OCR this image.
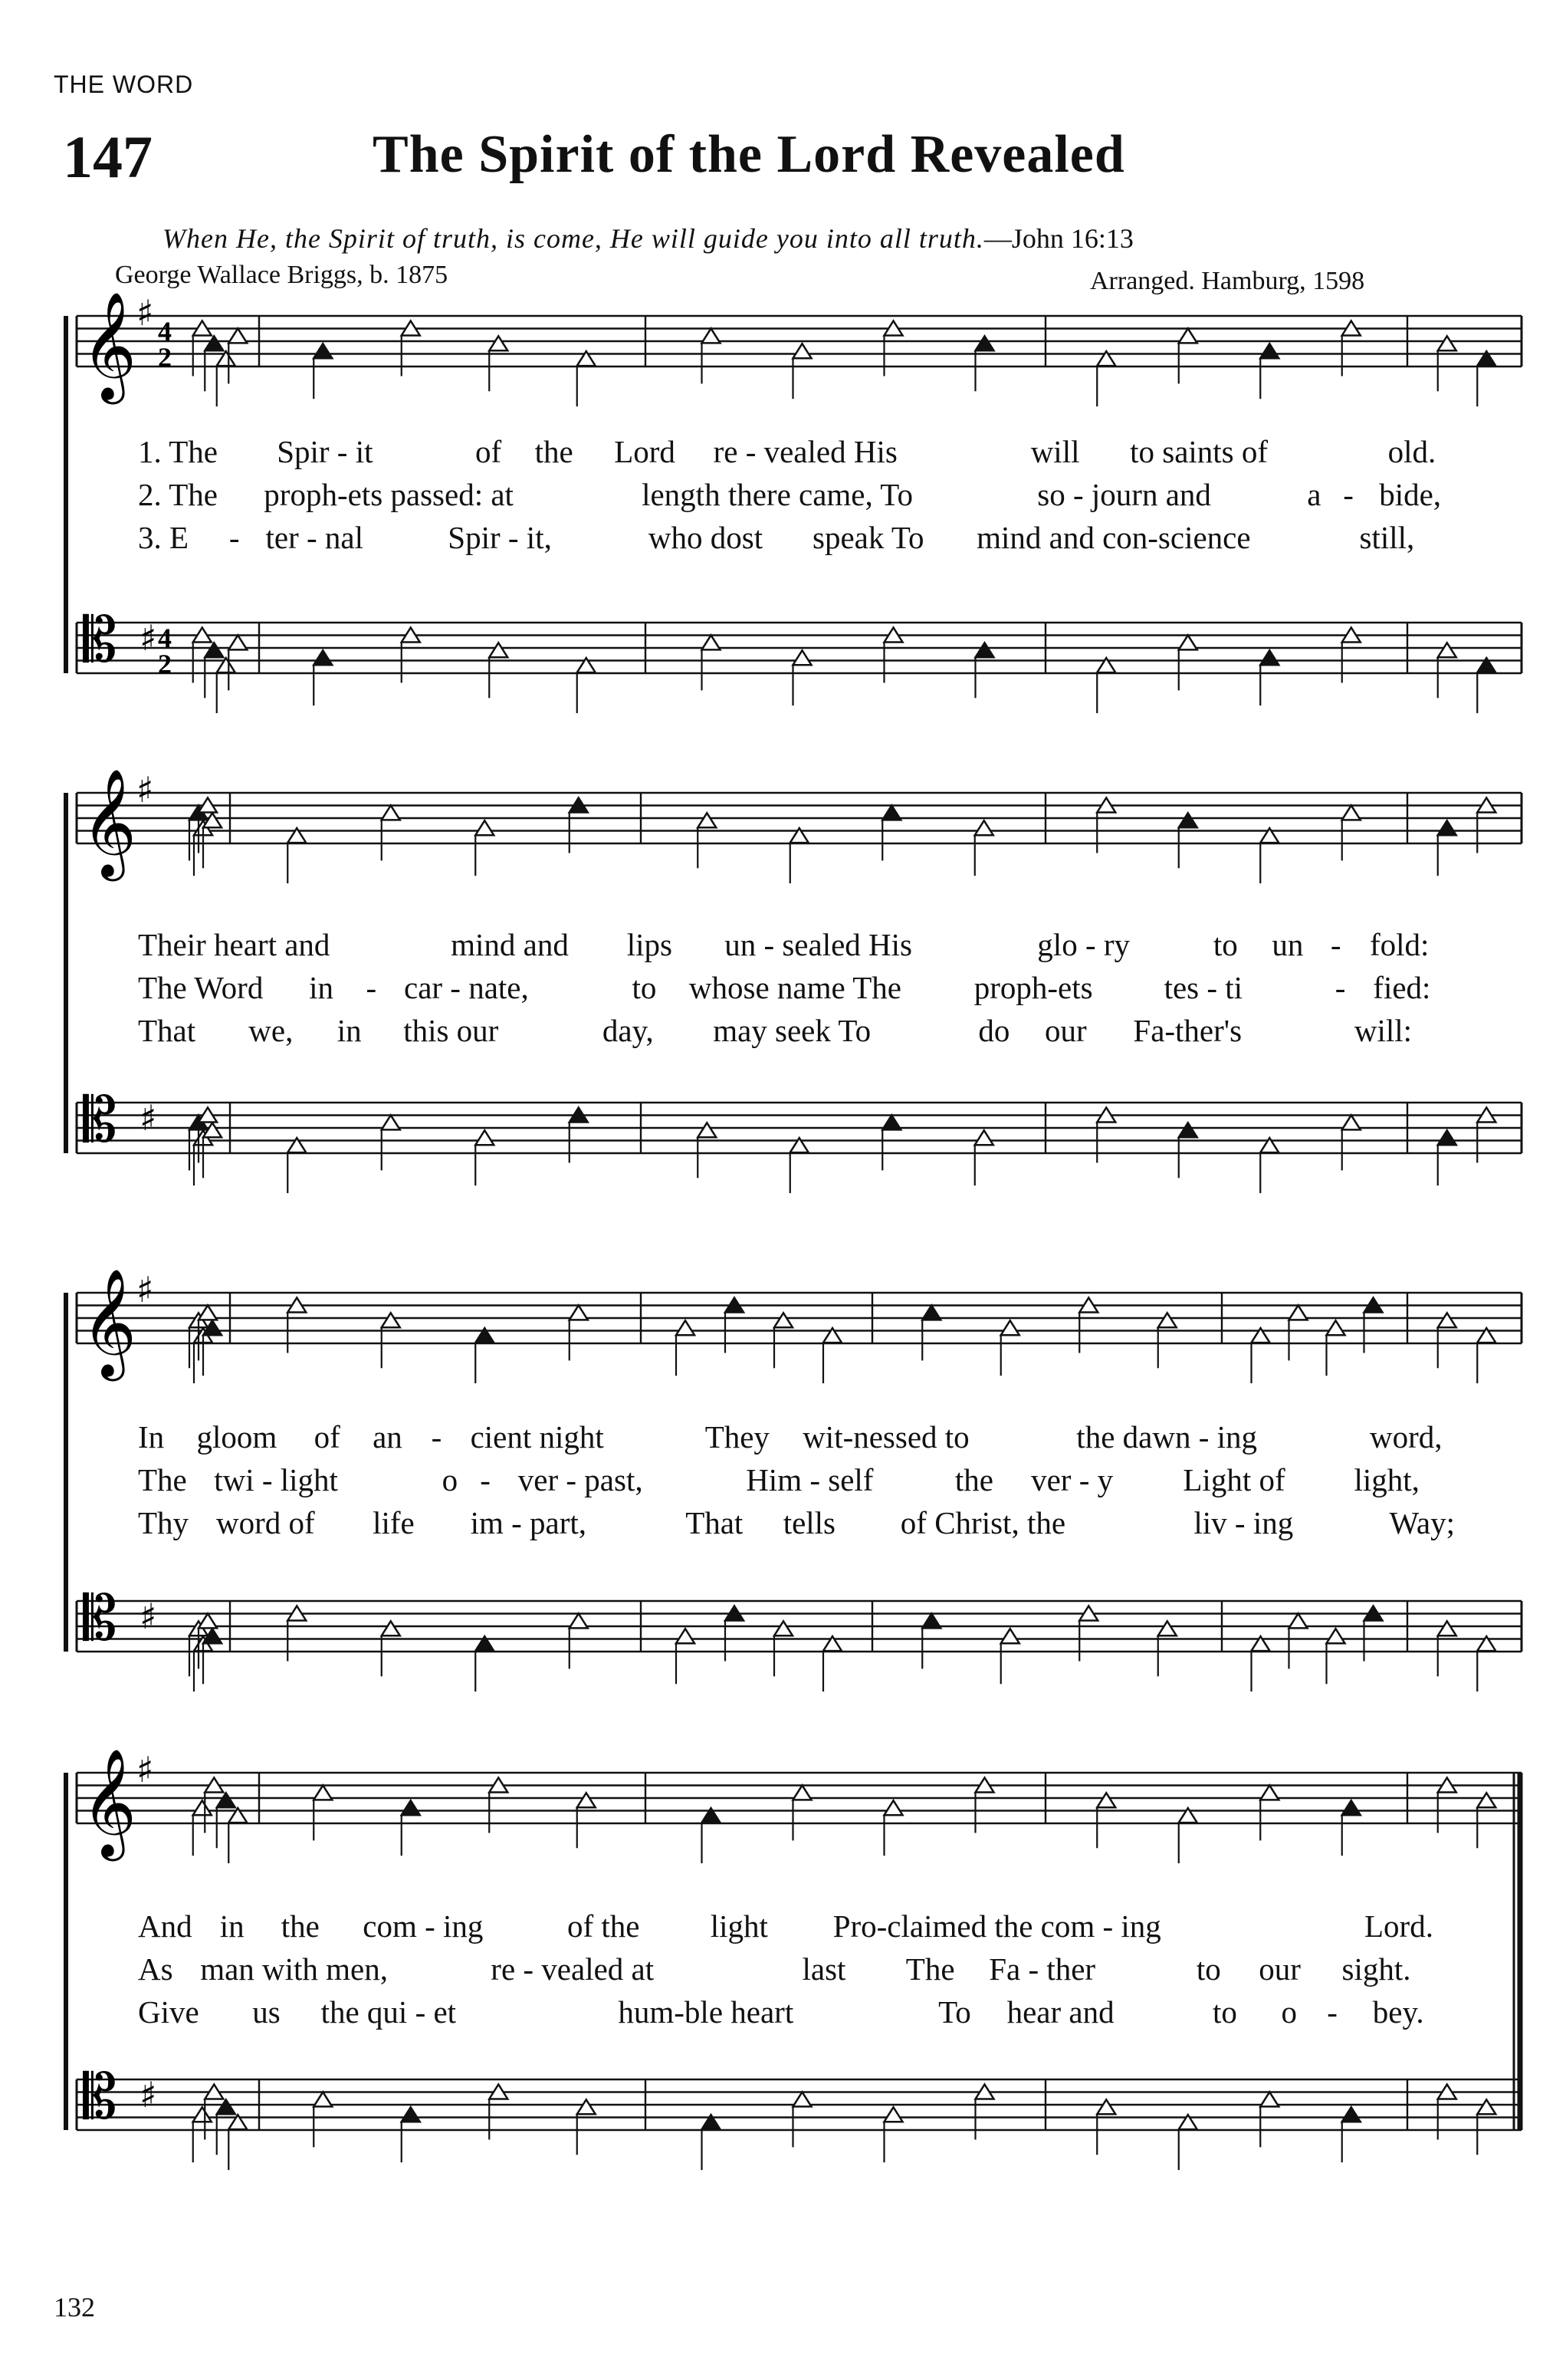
THE WORD
147	The Spirit of the Lord Revealed
When He, the Spirit of truth, is come, He will guide you into all truth.—John 16:13
George Wallace Briggs, b. 1875	Arranged. Hamburg, 1598
132
𝄞 ♯ 4
2
𝄡 ♯ 4
2
𝄞 ♯
𝄡 ♯
𝄞 ♯
𝄡 ♯
𝄞 ♯
𝄡 ♯
1. The Spir - it	of the Lord re - vealed His	will to saints of	old.
2. The proph-ets passed: at	length there came, To	so - journ and	a - bide,
3. E - ter - nal	Spir - it,	who dost speak To mind and con-science	still,
Their heart and	mind and lips un - sealed His	glo - ry	to un - fold:
The Word in - car - nate,	to whose name The proph-ets tes - ti	- fied:
That we, in this our	day, may seek To	do our Fa-ther's	will:
In gloom of an - cient night	They wit-nessed to	the dawn - ing	word,
The twi - light	o - ver - past,	Him - self	the ver - y Light of light,
Thy word of life im - part,	That tells of Christ, the	liv - ing	Way;
And in the com - ing	of the light Pro-claimed the com - ing	Lord.
As man with men,	re - vealed at	last The Fa - ther	to our sight.
Give us the qui - et	hum-ble heart	To hear and	to o - bey.
